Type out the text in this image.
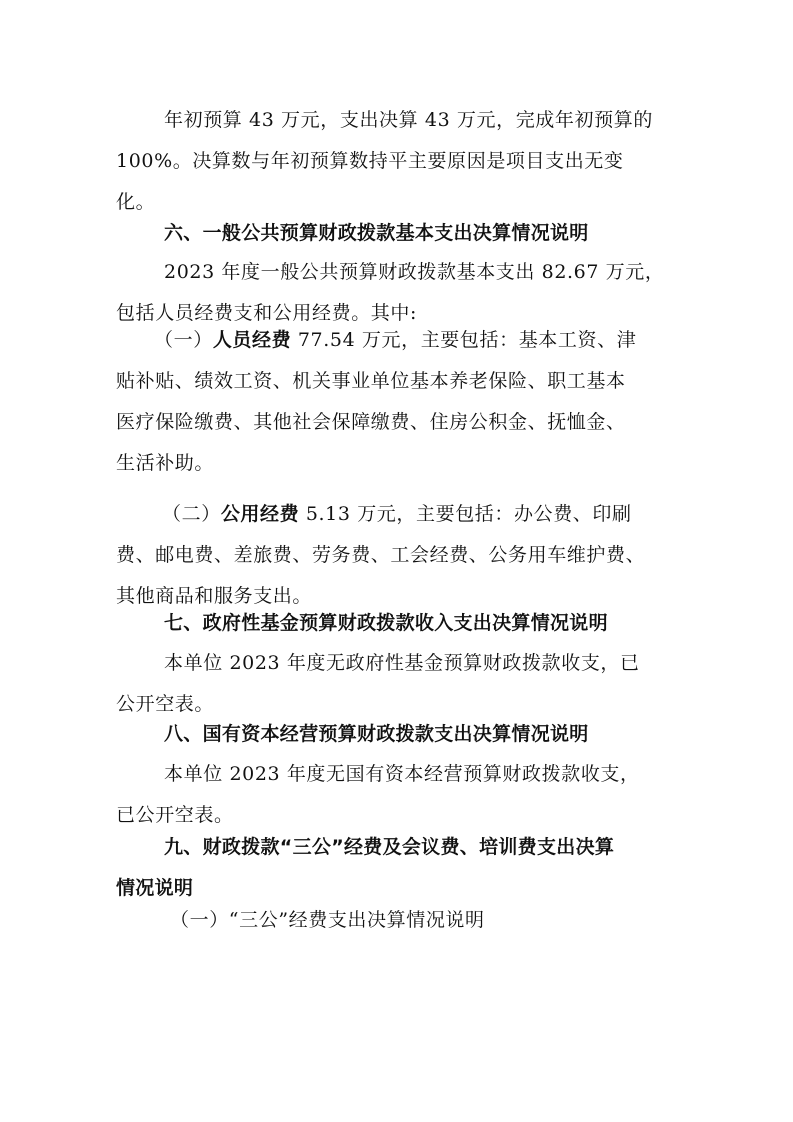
年初预算 43 万元，支出决算 43 万元，完成年初预算的
100%。决算数与年初预算数持平主要原因是项目支出无变
化。
六、一般公共预算财政拨款基本支出决算情况说明
2023 年度一般公共预算财政拨款基本支出 82.67 万元，
包括人员经费支和公用经费。其中:
（一）人员经费 77.54 万元，主要包括：基本工资、津
贴补贴、绩效工资、机关事业单位基本养老保险、职工基本
医疗保险缴费、其他社会保障缴费、住房公积金、抚恤金、
生活补助。
（二）公用经费 5.13 万元，主要包括：办公费、印刷
费、邮电费、差旅费、劳务费、工会经费、公务用车维护费、
其他商品和服务支出。
七、政府性基金预算财政拨款收入支出决算情况说明
本单位 2023 年度无政府性基金预算财政拨款收支，已
公开空表。
八、国有资本经营预算财政拨款支出决算情况说明
本单位 2023 年度无国有资本经营预算财政拨款收支，
已公开空表。
九、财政拨款“三公”经费及会议费、培训费支出决算
情况说明
（一）“三公”经费支出决算情况说明
